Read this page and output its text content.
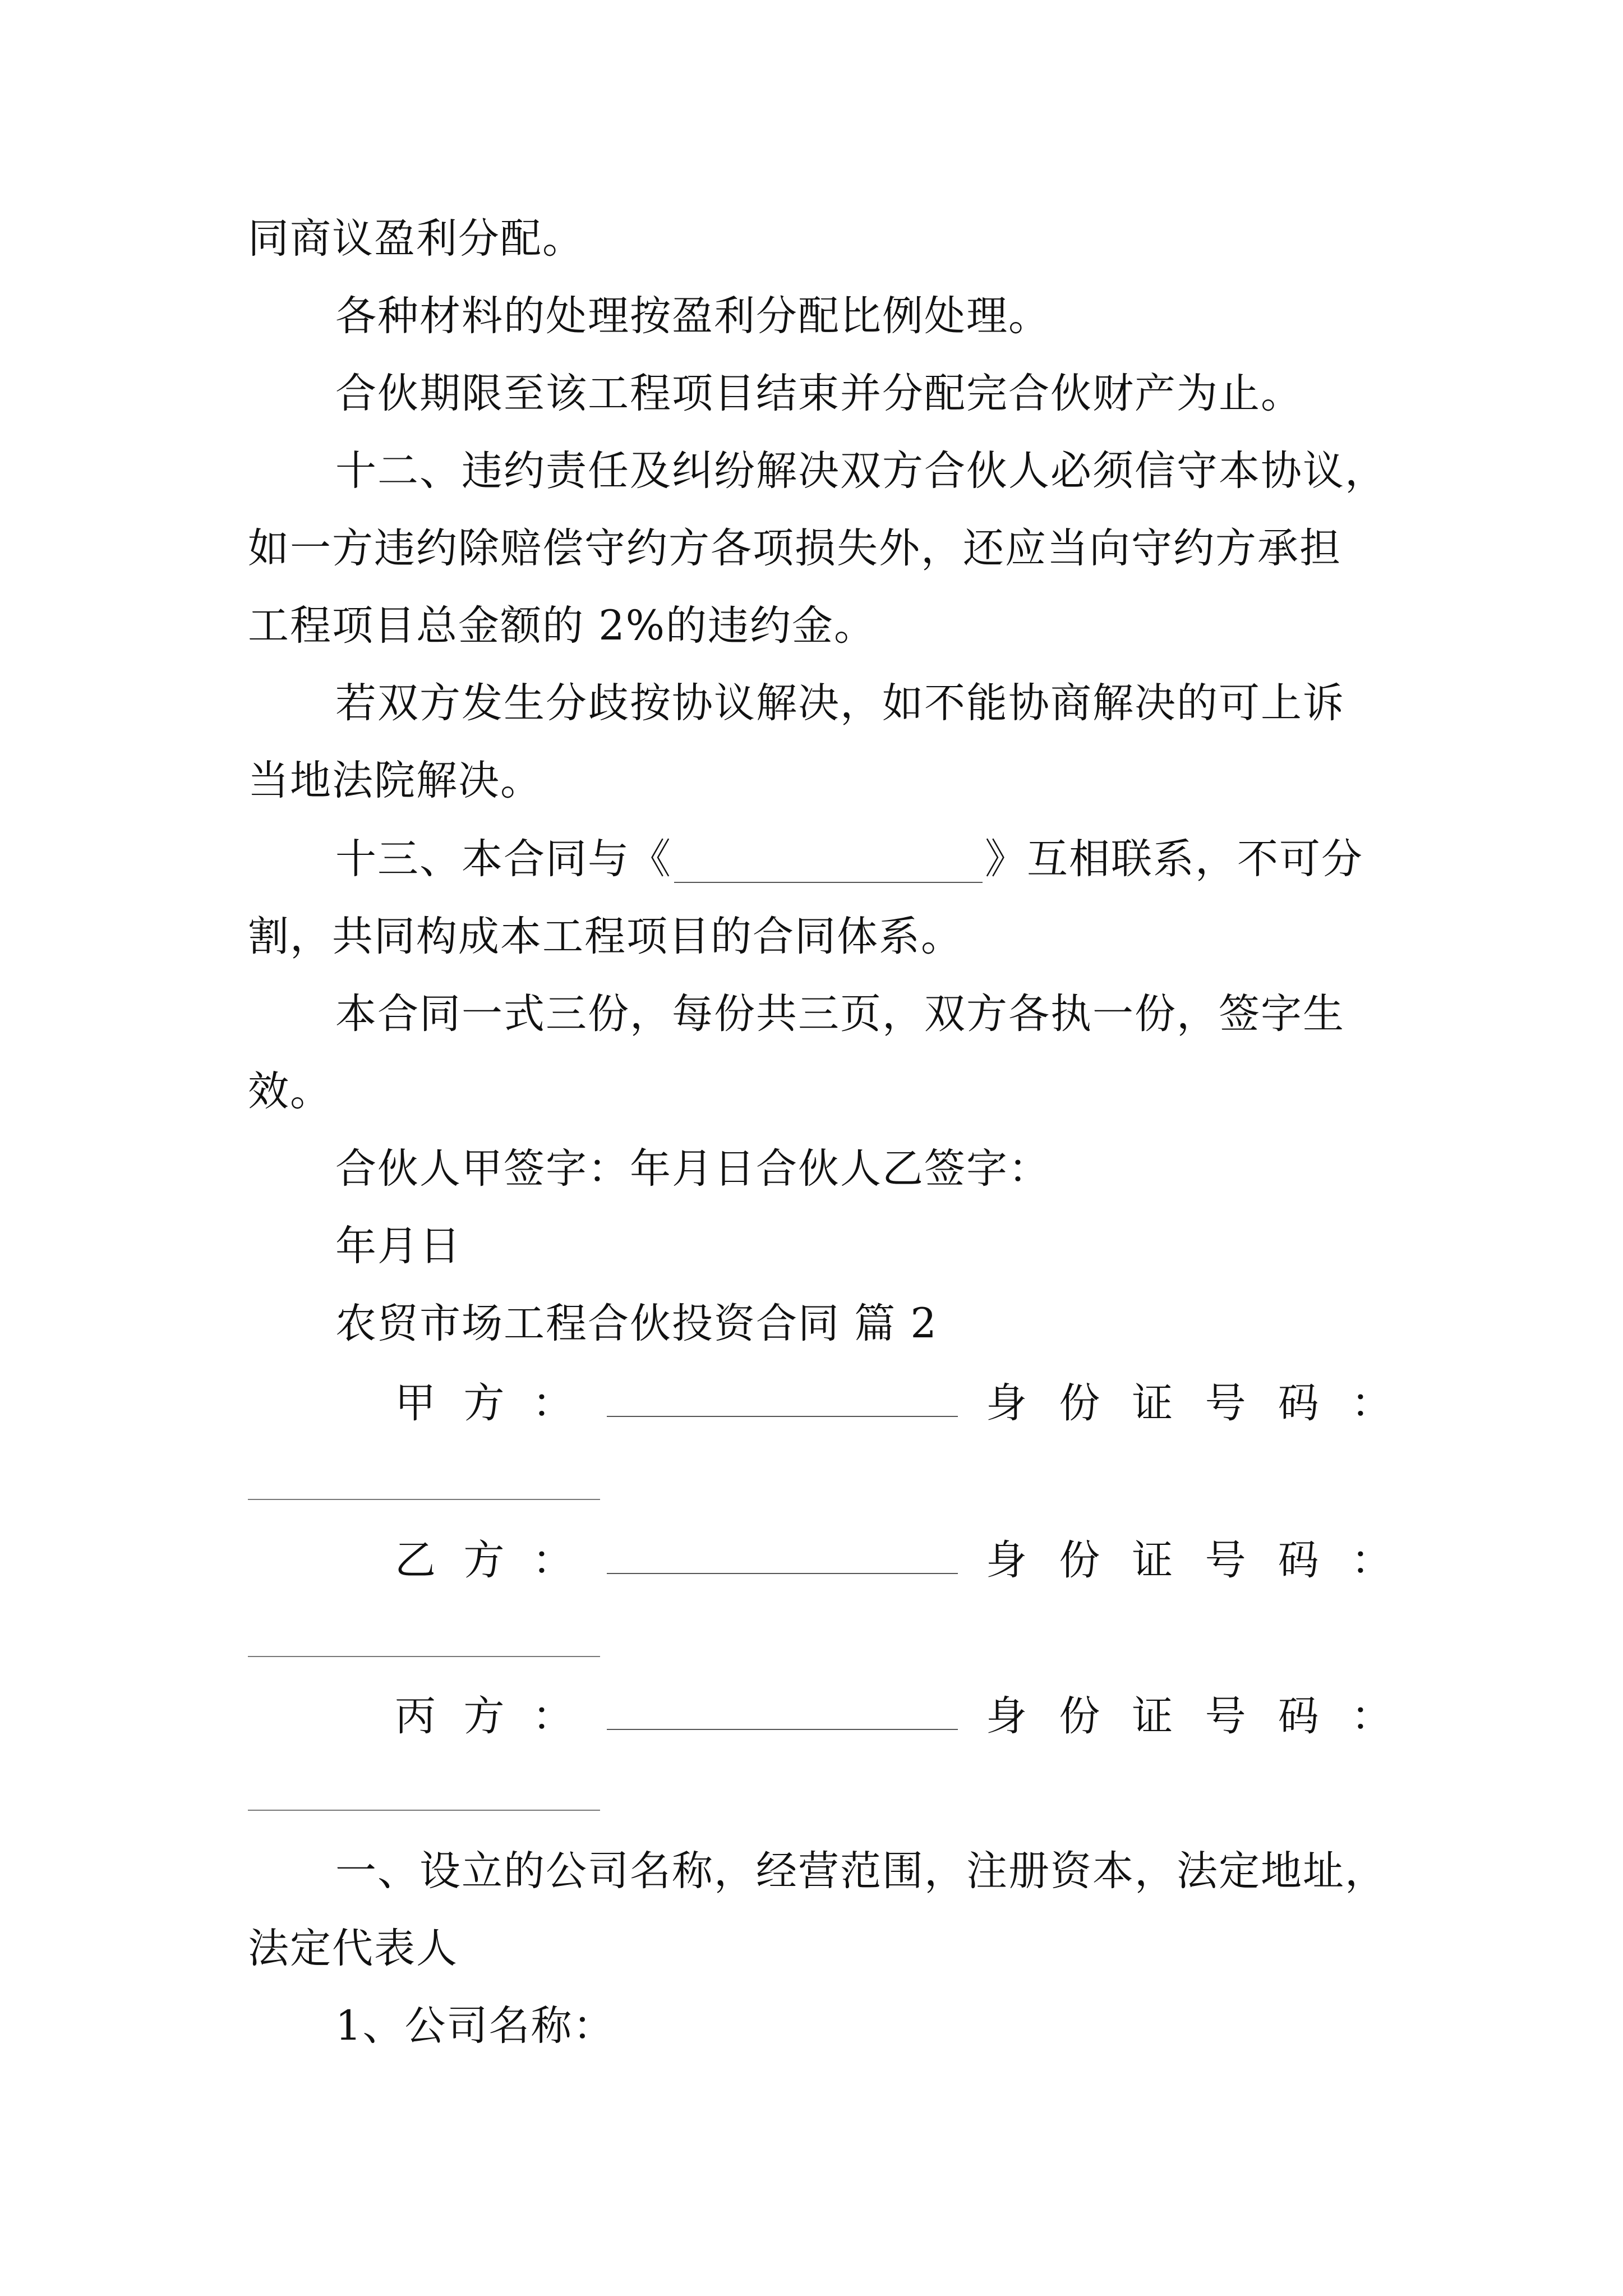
同商议盈利分配。
各种材料的处理按盈利分配比例处理。
合伙期限至该工程项目结束并分配完合伙财产为止。
十二、违约责任及纠纷解决双方合伙人必须信守本协议，
如一方违约除赔偿守约方各项损失外，还应当向守约方承担
工程项目总金额的 2%的违约金。
若双方发生分歧按协议解决，如不能协商解决的可上诉
当地法院解决。
十三、本合同与《	》互相联系，不可分
割，共同构成本工程项目的合同体系。
本合同一式三份，每份共三页，双方各执一份，签字生
效。
合伙人甲签字：年月日合伙人乙签字：
年月日
农贸市场工程合伙投资合同 篇 2
甲 方 ：	身 份 证 号 码 ：
乙 方 ：	身 份 证 号 码 ：
丙 方 ：	身 份 证 号 码 ：
一、设立的公司名称，经营范围，注册资本，法定地址，
法定代表人
1、公司名称：
